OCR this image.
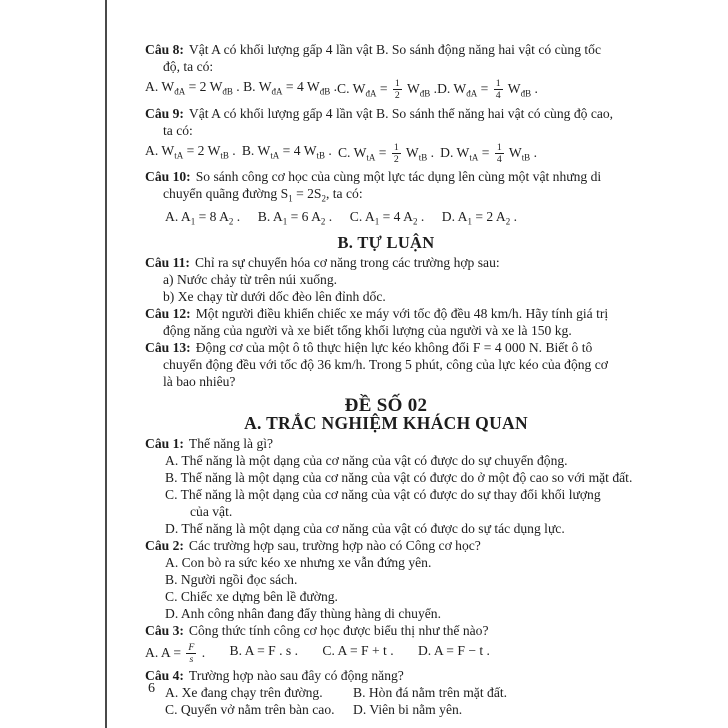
Câu 8: Vật A có khối lượng gấp 4 lần vật B. So sánh động năng hai vật có cùng tốc
độ, ta có:
A. $W_{đA} = 2$ $W_{đB}$ . B. $W_{đA} = 4$ $W_{đB}$ . C. $W_{đA} = \frac{1}{2} W_{đB}$ . D. $W_{đA} = \frac{1}{4} W_{đB}$ .
Câu 9: Vật A có khối lượng gấp 4 lần vật B. So sánh thế năng hai vật có cùng độ cao,
ta có:
A. $W_{tA} = 2$ $W_{tB}$ . B. $W_{tA} = 4$ $W_{tB}$ . C. $W_{tA} = \frac{1}{2} W_{tB}$ . D. $W_{tA} = \frac{1}{4} W_{tB}$ .
Câu 10: So sánh công cơ học của cùng một lực tác dụng lên cùng một vật nhưng di
chuyển quãng đường $S_1 = 2S_2$, ta có:
A. $A_1 = 8$ $A_2$ . B. $A_1 = 6$ $A_2$ . C. $A_1 = 4$ $A_2$ . D. $A_1 = 2$ $A_2$ .
B. TỰ LUẬN
Câu 11: Chỉ ra sự chuyển hóa cơ năng trong các trường hợp sau:
a) Nước chảy từ trên núi xuống.
b) Xe chạy từ dưới dốc đèo lên đỉnh dốc.
Câu 12: Một người điều khiển chiếc xe máy với tốc độ đều 48 km/h. Hãy tính giá trị
động năng của người và xe biết tổng khối lượng của người và xe là 150 kg.
Câu 13: Động cơ của một ô tô thực hiện lực kéo không đổi F = 4 000 N. Biết ô tô
chuyển động đều với tốc độ 36 km/h. Trong 5 phút, công của lực kéo của động cơ
là bao nhiêu?
ĐỀ SỐ 02
A. TRẮC NGHIỆM KHÁCH QUAN
Câu 1: Thế năng là gì?
A. Thế năng là một dạng của cơ năng của vật có được do sự chuyển động.
B. Thế năng là một dạng của cơ năng của vật có được do ở một độ cao so với mặt đất.
C. Thế năng là một dạng của cơ năng của vật có được do sự thay đổi khối lượng
của vật.
D. Thế năng là một dạng của cơ năng của vật có được do sự tác dụng lực.
Câu 2: Các trường hợp sau, trường hợp nào có Công cơ học?
A. Con bò ra sức kéo xe nhưng xe vẫn đứng yên.
B. Người ngồi đọc sách.
C. Chiếc xe dựng bên lề đường.
D. Anh công nhân đang đẩy thùng hàng di chuyển.
Câu 3: Công thức tính công cơ học được biểu thị như thế nào?
A. $A = \frac{F}{s}$ . B. A = F . s . C. A = F + t . D. A = F − t .
Câu 4: Trường hợp nào sau đây có động năng?
A. Xe đang chạy trên đường.	B. Hòn đá nằm trên mặt đất.
C. Quyển vở nằm trên bàn cao.	D. Viên bi nằm yên.
6
